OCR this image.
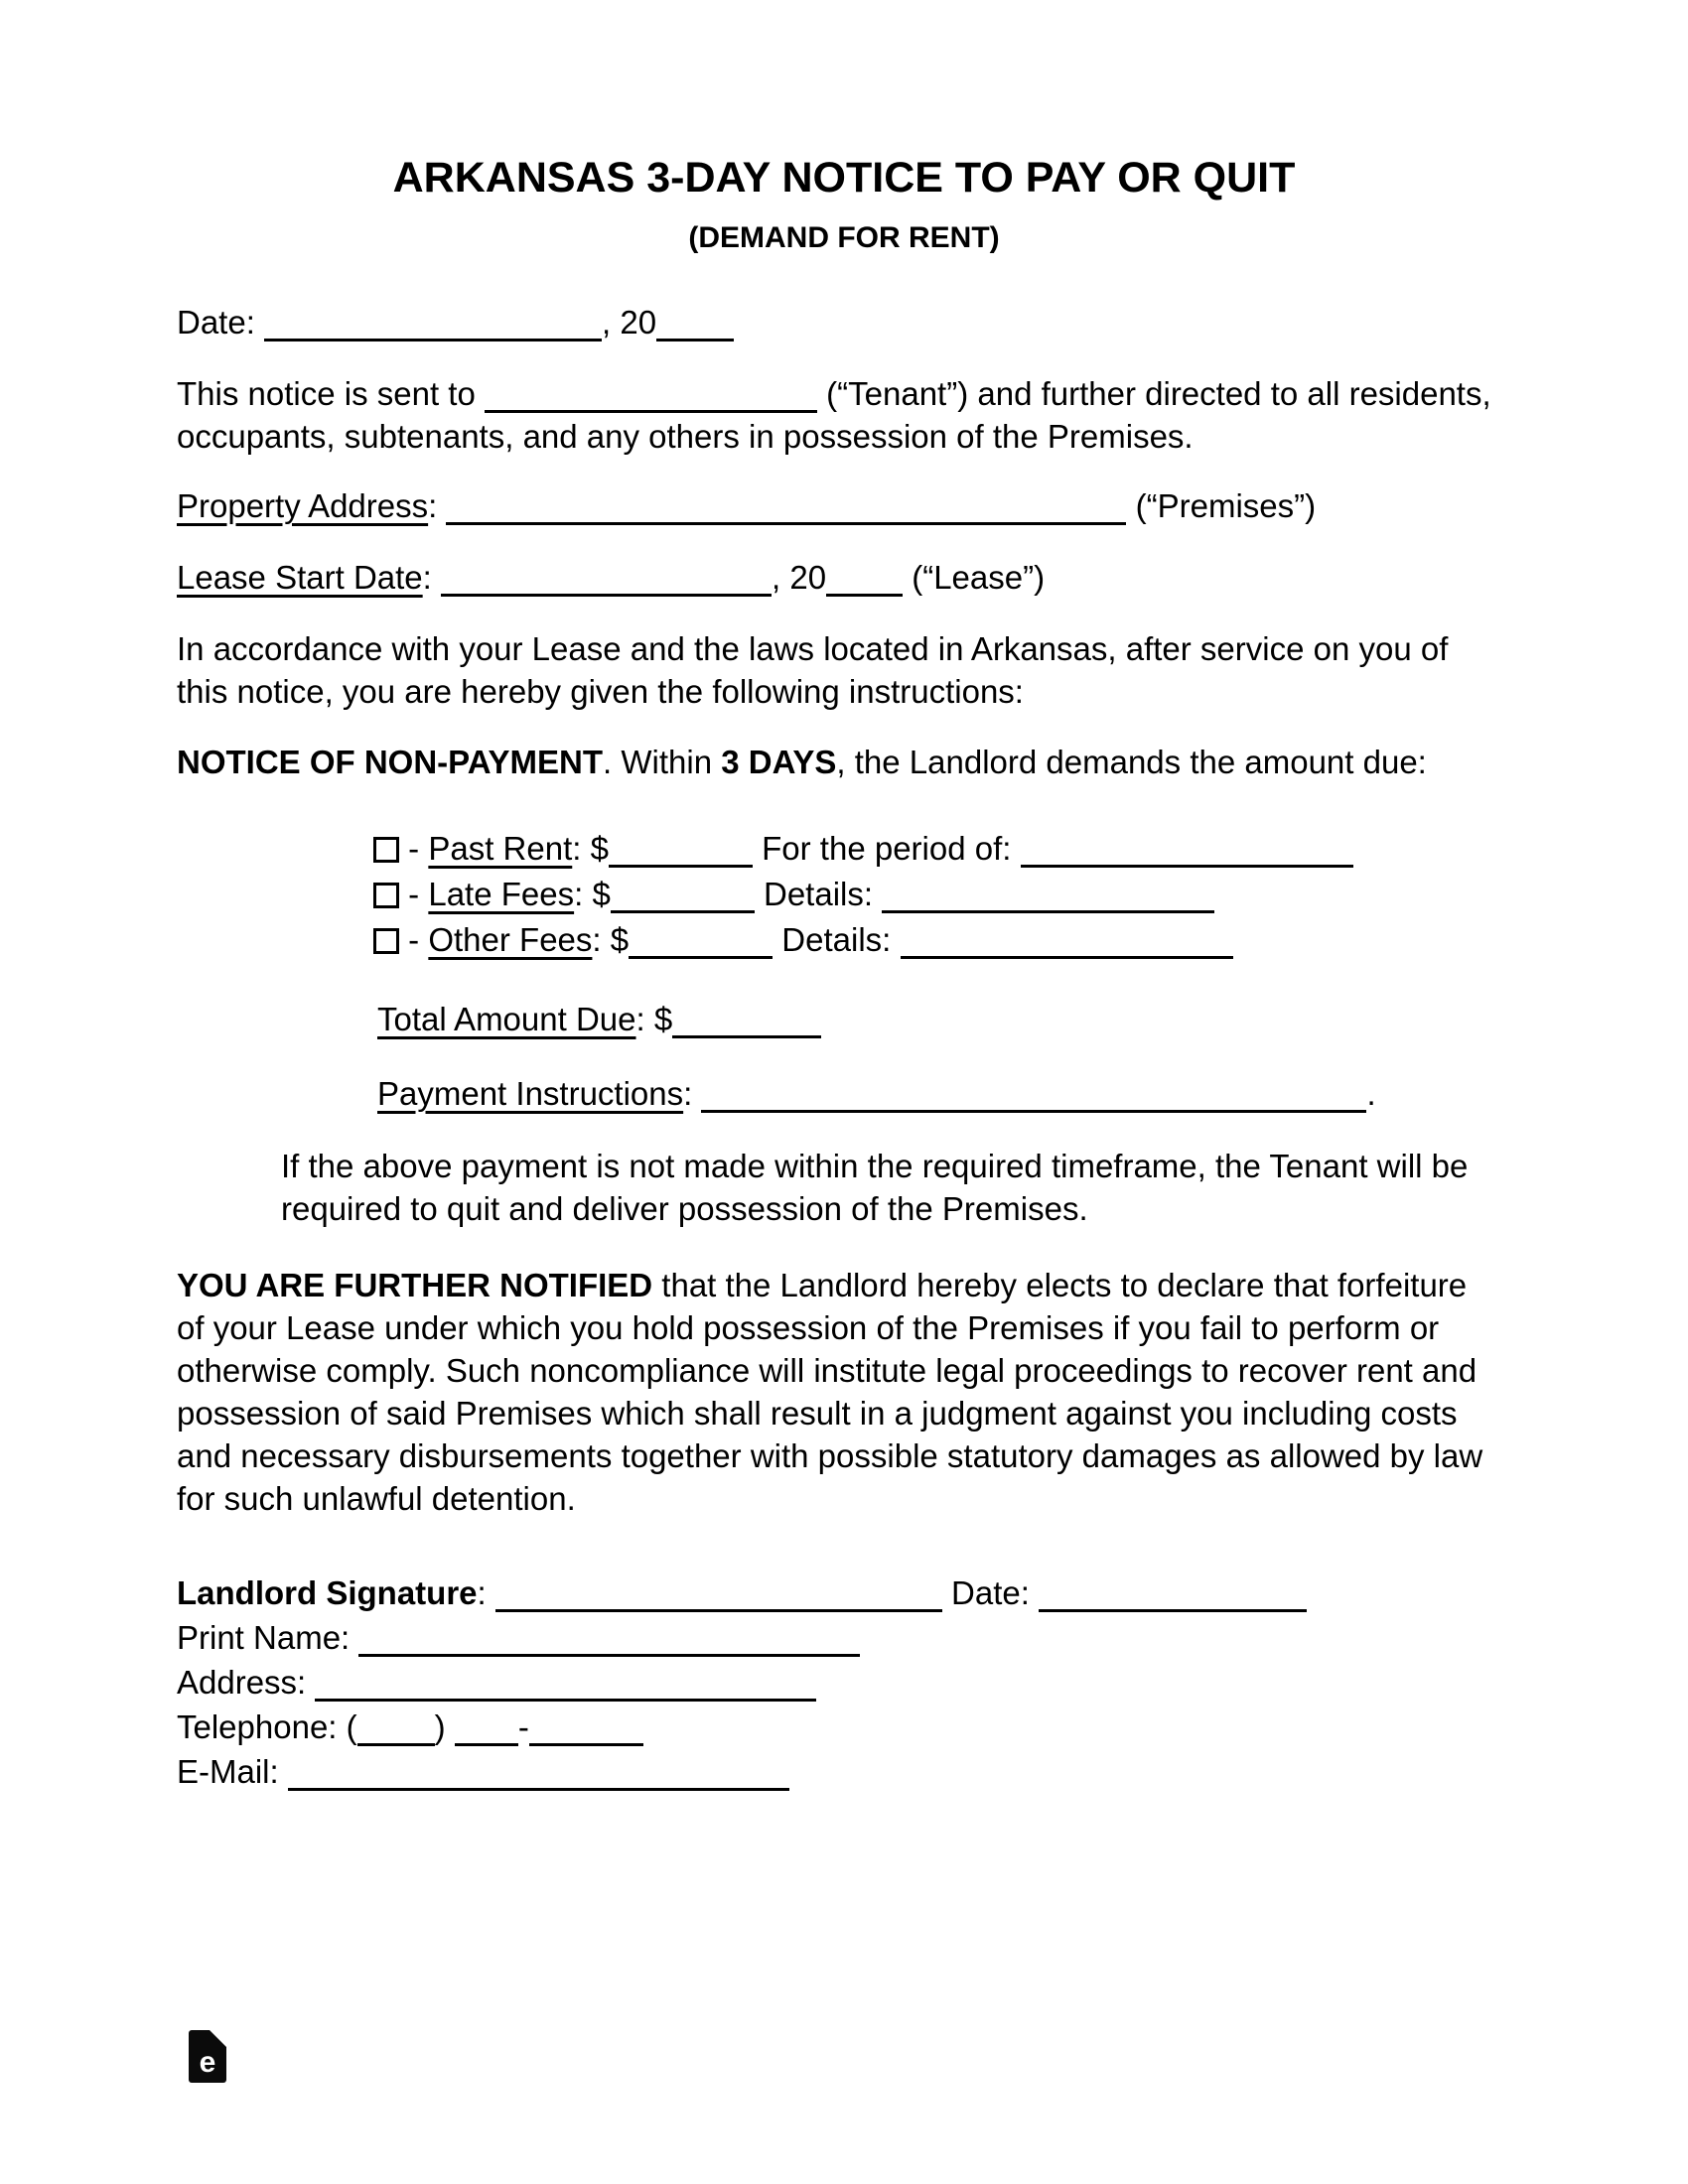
ARKANSAS 3-DAY NOTICE TO PAY OR QUIT
(DEMAND FOR RENT)
Date:	, 20
This notice is sent to	(“Tenant”) and further directed to all residents,
occupants, subtenants, and any others in possession of the Premises.
Property Address:	(“Premises”)
Lease Start Date:	, 20	(“Lease”)
In accordance with your Lease and the laws located in Arkansas, after service on you of
this notice, you are hereby given the following instructions:
NOTICE OF NON-PAYMENT. Within 3 DAYS, the Landlord demands the amount due:
- Past Rent: $	For the period of:
- Late Fees: $	Details:
- Other Fees: $	Details:
Total Amount Due: $
Payment Instructions:	.
If the above payment is not made within the required timeframe, the Tenant will be
required to quit and deliver possession of the Premises.
YOU ARE FURTHER NOTIFIED that the Landlord hereby elects to declare that forfeiture
of your Lease under which you hold possession of the Premises if you fail to perform or
otherwise comply. Such noncompliance will institute legal proceedings to recover rent and
possession of said Premises which shall result in a judgment against you including costs
and necessary disbursements together with possible statutory damages as allowed by law
for such unlawful detention.
Landlord Signature:	Date:
Print Name:
Address:
Telephone: ( ) -
E-Mail:
e
